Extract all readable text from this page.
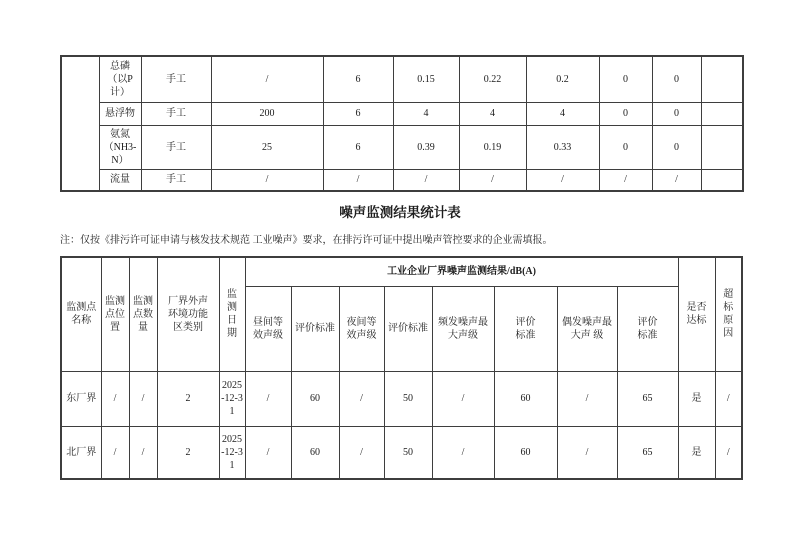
	总磷（以P计）	手工	/	6	0.15	0.22	0.2	0	0	
	悬浮物	手工	200	6	4	4	4	0	0	
	氨氮（NH3-N）	手工	25	6	0.39	0.19	0.33	0	0	
	流量	手工	/	/	/	/	/	/	/	
噪声监测结果统计表
注：仅按《排污许可证申请与核发技术规范 工业噪声》要求，在排污许可证中提出噪声管控要求的企业需填报。
监测点名称	监测点位置	监测点数量	厂界外声环境功能区类别	监测日期	工业企业厂界噪声监测结果/dB(A)								是否达标	超标原因
					昼间等效声级	评价标准	夜间等效声级	评价标准	频发噪声最大声级	评价标准	偶发噪声最大声 级	评价标准		
东厂界	/	/	2	2025-12-31	/	60	/	50	/	60	/	65	是	/
北厂界	/	/	2	2025-12-31	/	60	/	50	/	60	/	65	是	/
